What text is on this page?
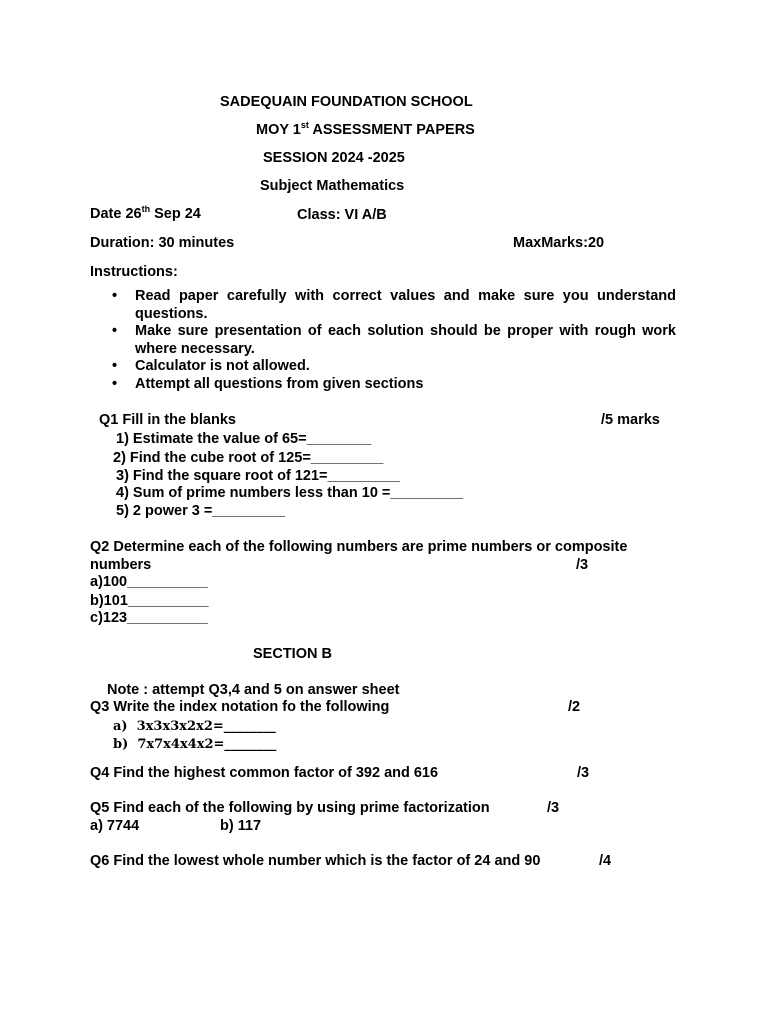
SADEQUAIN FOUNDATION SCHOOL
MOY 1st ASSESSMENT PAPERS
SESSION 2024 -2025
Subject Mathematics
Date 26th Sep 24	Class: VI A/B
Duration: 30 minutes	MaxMarks:20
Instructions:
• Read paper carefully with correct values and make sure you understand questions.
• Make sure presentation of each solution should be proper with rough work where necessary.
• Calculator is not allowed.
• Attempt all questions from given sections
Q1 Fill in the blanks	/5 marks
1) Estimate the value of 65=________
2) Find the cube root of 125=_________
3) Find the square root of 121=_________
4) Sum of prime numbers less than 10 =_________
5) 2 power 3 =_________
Q2 Determine each of the following numbers are prime numbers or composite
numbers	/3
a)100__________
b)101__________
c)123__________
SECTION B
Note : attempt Q3,4 and 5 on answer sheet
Q3 Write the index notation fo the following	/2
a) 3x3x3x2x2=________
b) 7x7x4x4x2=________
Q4 Find the highest common factor of 392 and 616	/3
Q5 Find each of the following by using prime factorization	/3
a) 7744	b) 117
Q6 Find the lowest whole number which is the factor of 24 and 90	/4
